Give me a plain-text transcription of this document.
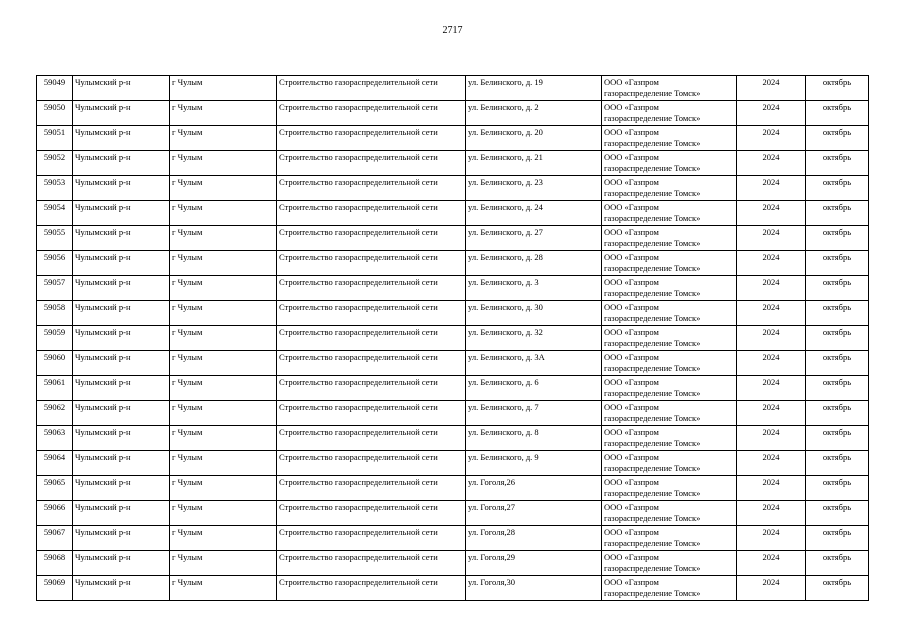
2717
59049	Чулымский р-н	г Чулым	Строительство газораспределительной сети	ул. Белинского, д. 19	ООО «Газпром
газораспределение Томск»	2024	октябрь
59050	Чулымский р-н	г Чулым	Строительство газораспределительной сети	ул. Белинского, д. 2	ООО «Газпром
газораспределение Томск»	2024	октябрь
59051	Чулымский р-н	г Чулым	Строительство газораспределительной сети	ул. Белинского, д. 20	ООО «Газпром
газораспределение Томск»	2024	октябрь
59052	Чулымский р-н	г Чулым	Строительство газораспределительной сети	ул. Белинского, д. 21	ООО «Газпром
газораспределение Томск»	2024	октябрь
59053	Чулымский р-н	г Чулым	Строительство газораспределительной сети	ул. Белинского, д. 23	ООО «Газпром
газораспределение Томск»	2024	октябрь
59054	Чулымский р-н	г Чулым	Строительство газораспределительной сети	ул. Белинского, д. 24	ООО «Газпром
газораспределение Томск»	2024	октябрь
59055	Чулымский р-н	г Чулым	Строительство газораспределительной сети	ул. Белинского, д. 27	ООО «Газпром
газораспределение Томск»	2024	октябрь
59056	Чулымский р-н	г Чулым	Строительство газораспределительной сети	ул. Белинского, д. 28	ООО «Газпром
газораспределение Томск»	2024	октябрь
59057	Чулымский р-н	г Чулым	Строительство газораспределительной сети	ул. Белинского, д. 3	ООО «Газпром
газораспределение Томск»	2024	октябрь
59058	Чулымский р-н	г Чулым	Строительство газораспределительной сети	ул. Белинского, д. 30	ООО «Газпром
газораспределение Томск»	2024	октябрь
59059	Чулымский р-н	г Чулым	Строительство газораспределительной сети	ул. Белинского, д. 32	ООО «Газпром
газораспределение Томск»	2024	октябрь
59060	Чулымский р-н	г Чулым	Строительство газораспределительной сети	ул. Белинского, д. 3А	ООО «Газпром
газораспределение Томск»	2024	октябрь
59061	Чулымский р-н	г Чулым	Строительство газораспределительной сети	ул. Белинского, д. 6	ООО «Газпром
газораспределение Томск»	2024	октябрь
59062	Чулымский р-н	г Чулым	Строительство газораспределительной сети	ул. Белинского, д. 7	ООО «Газпром
газораспределение Томск»	2024	октябрь
59063	Чулымский р-н	г Чулым	Строительство газораспределительной сети	ул. Белинского, д. 8	ООО «Газпром
газораспределение Томск»	2024	октябрь
59064	Чулымский р-н	г Чулым	Строительство газораспределительной сети	ул. Белинского, д. 9	ООО «Газпром
газораспределение Томск»	2024	октябрь
59065	Чулымский р-н	г Чулым	Строительство газораспределительной сети	ул. Гоголя,26	ООО «Газпром
газораспределение Томск»	2024	октябрь
59066	Чулымский р-н	г Чулым	Строительство газораспределительной сети	ул. Гоголя,27	ООО «Газпром
газораспределение Томск»	2024	октябрь
59067	Чулымский р-н	г Чулым	Строительство газораспределительной сети	ул. Гоголя,28	ООО «Газпром
газораспределение Томск»	2024	октябрь
59068	Чулымский р-н	г Чулым	Строительство газораспределительной сети	ул. Гоголя,29	ООО «Газпром
газораспределение Томск»	2024	октябрь
59069	Чулымский р-н	г Чулым	Строительство газораспределительной сети	ул. Гоголя,30	ООО «Газпром
газораспределение Томск»	2024	октябрь
